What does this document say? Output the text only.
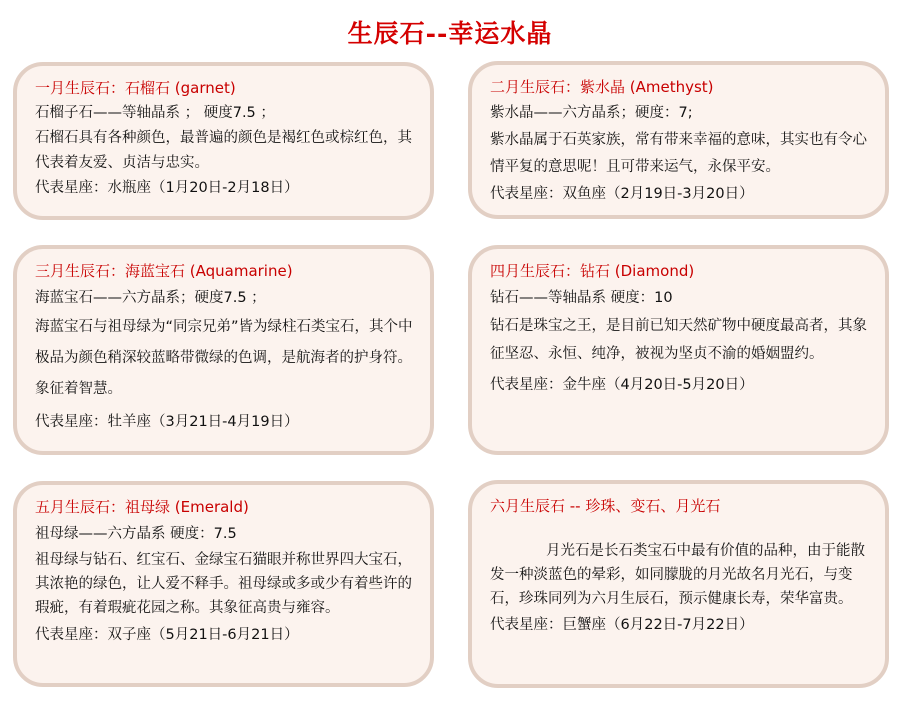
生辰石--幸运水晶
一月生辰石：石榴石 (garnet)
石榴子石——等轴晶系 ； 硬度7.5 ；
石榴石具有各种颜色，最普遍的颜色是褐红色或棕红色，其代表着友爱、贞洁与忠实。
代表星座：水瓶座（1月20日-2月18日）
二月生辰石：紫水晶 (Amethyst)
紫水晶——六方晶系；硬度：7;
紫水晶属于石英家族，常有带来幸福的意味，其实也有令心情平复的意思呢！且可带来运气，永保平安。
代表星座：双鱼座（2月19日-3月20日）
三月生辰石：海蓝宝石 (Aquamarine)
海蓝宝石——六方晶系；硬度7.5 ；
海蓝宝石与祖母绿为“同宗兄弟”皆为绿柱石类宝石，其个中极品为颜色稍深较蓝略带微绿的色调，是航海者的护身符。象征着智慧。
代表星座：牡羊座（3月21日-4月19日）
四月生辰石：钻石 (Diamond)
钻石——等轴晶系 硬度：10
钻石是珠宝之王，是目前已知天然矿物中硬度最高者，其象征坚忍、永恒、纯净，被视为坚贞不渝的婚姻盟约。
代表星座：金牛座（4月20日-5月20日）
五月生辰石：祖母绿 (Emerald)
祖母绿——六方晶系 硬度：7.5
祖母绿与钻石、红宝石、金绿宝石猫眼并称世界四大宝石，其浓艳的绿色，让人爱不释手。祖母绿或多或少有着些许的瑕疵，有着瑕疵花园之称。其象征高贵与雍容。
代表星座：双子座（5月21日-6月21日）
六月生辰石 -- 珍珠、变石、月光石
月光石是长石类宝石中最有价值的品种，由于能散发一种淡蓝色的晕彩，如同朦胧的月光故名月光石，与变石，珍珠同列为六月生辰石，预示健康长寿，荣华富贵。
代表星座：巨蟹座（6月22日-7月22日）
